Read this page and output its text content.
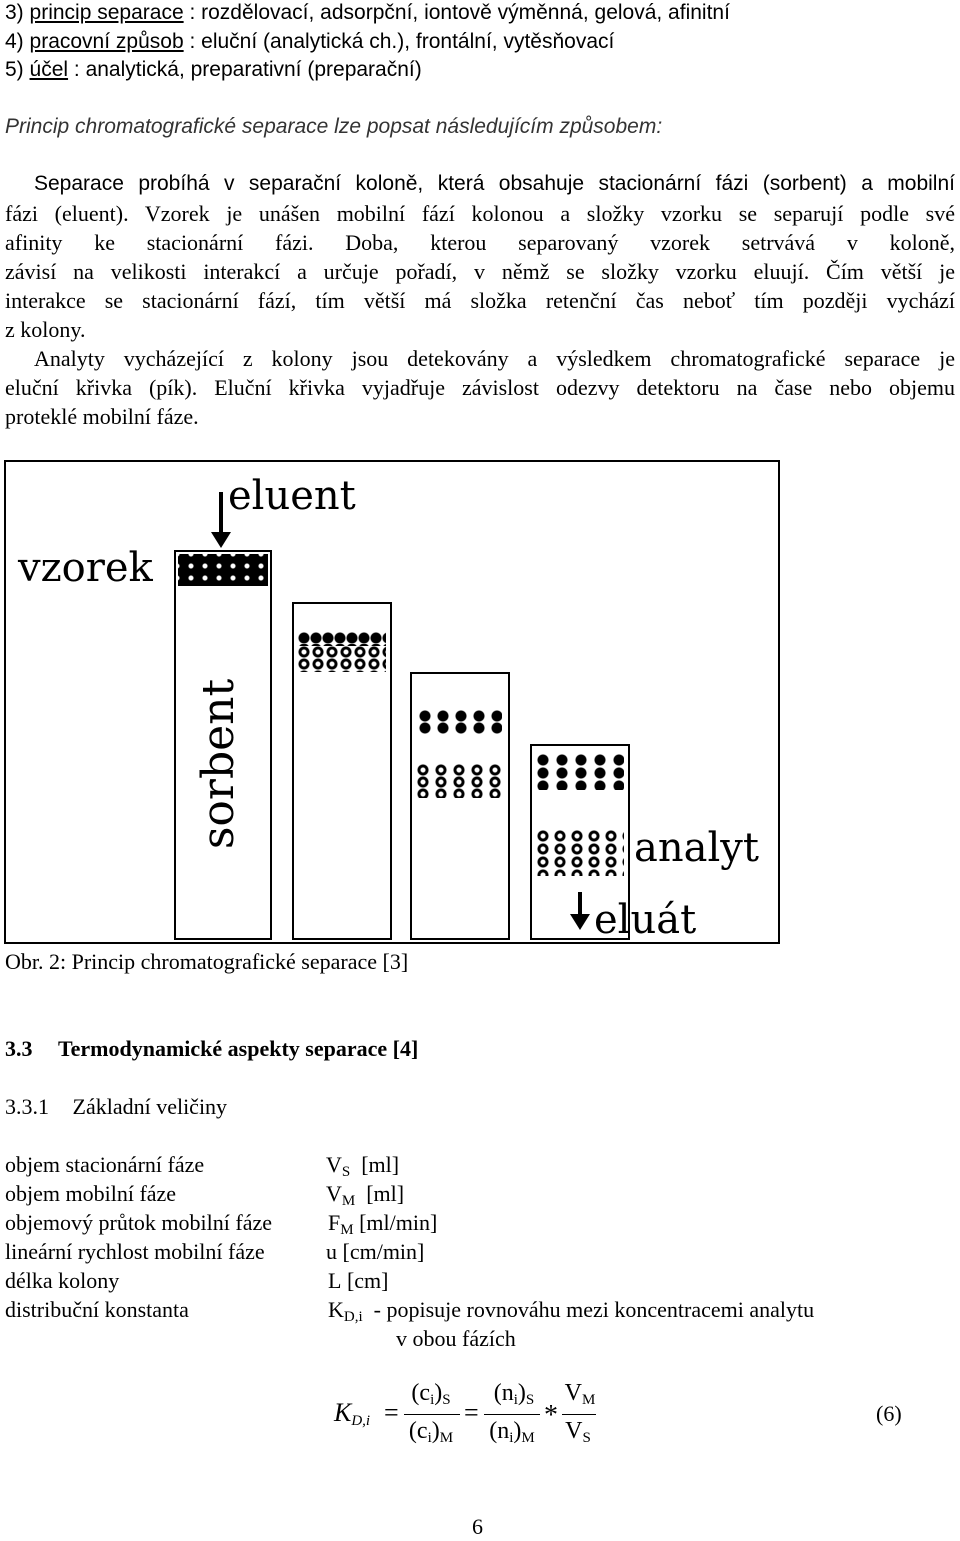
3) princip separace : rozdělovací, adsorpční, iontově výměnná, gelová, afinitní
4) pracovní způsob : eluční (analytická ch.), frontální, vytěsňovací
5) účel : analytická, preparativní (preparační)
Princip chromatografické separace lze popsat následujícím způsobem:
Separace probíhá v separační koloně, která obsahuje stacionární fázi (sorbent) a mobilní
fázi (eluent). Vzorek je unášen mobilní fází kolonou a složky vzorku se separují podle své
afinity ke stacionární fázi. Doba, kterou separovaný vzorek setrvává v koloně,
závisí na velikosti interakcí a určuje pořadí, v němž se složky vzorku eluují. Čím větší je
interakce se stacionární fází, tím větší má složka retenční čas neboť tím později vychází
z kolony.
Analyty vycházející z kolony jsou detekovány a výsledkem chromatografické separace je
eluční křivka (pík). Eluční křivka vyjadřuje závislost odezvy detektoru na čase nebo objemu
proteklé mobilní fáze.
eluent
vzorek
sorbent	analyt
eluát
Obr. 2: Princip chromatografické separace [3]
3.3 Termodynamické aspekty separace [4]
3.3.1 Základní veličiny
objem stacionární fáze	$V_S$ [ml]
objem mobilní fáze	$V_M$ [ml]
objemový průtok mobilní fáze	$F_M$ [ml/min]
lineární rychlost mobilní fáze	u [cm/min]
délka kolony	L [cm]
distribuční konstanta	$K_{D,i}$ - popisuje rovnováhu mezi koncentracemi analytu
v obou fázích
$K_{D,i}$ =
$(c_i)_S$
$(c_i)_M$
=
$(n_i)_S$
$(n_i)_M$
*
$V_M$
$V_S$
(6)
6
